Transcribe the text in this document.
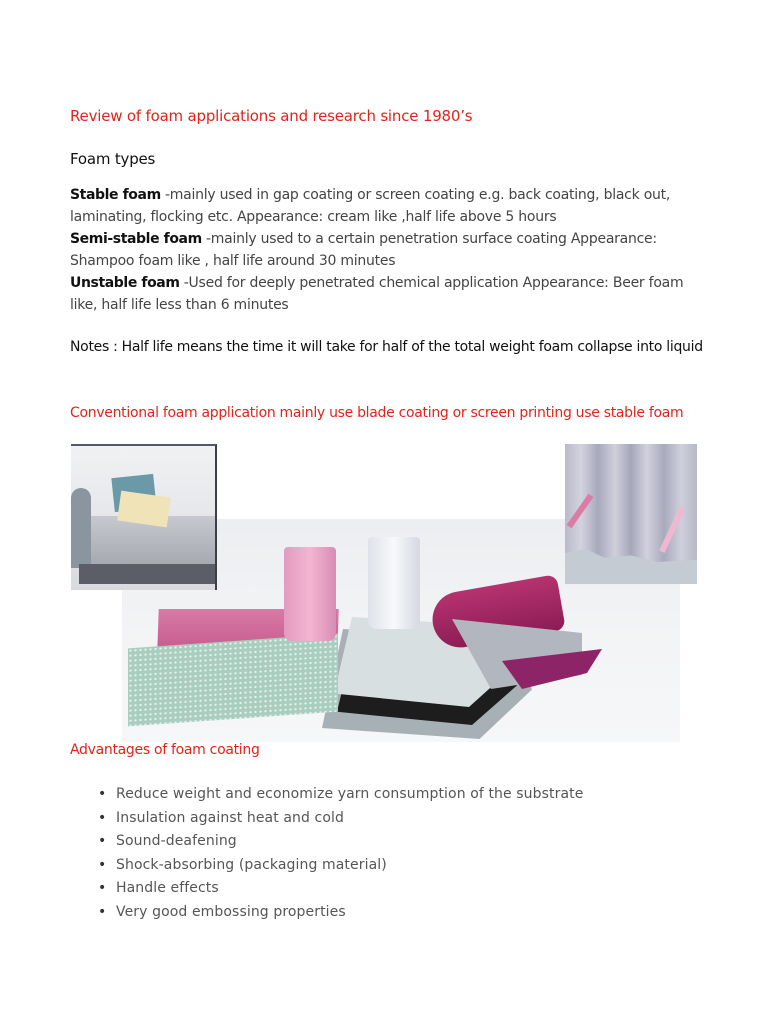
Review of foam applications and research since 1980’s
Foam types
Stable foam -mainly used in gap coating or screen coating e.g. back coating, black out,
laminating, flocking etc. Appearance: cream like ,half life above 5 hours
Semi-stable foam -mainly used to a certain penetration surface coating Appearance:
Shampoo foam like , half life around 30 minutes
Unstable foam -Used for deeply penetrated chemical application Appearance: Beer foam
like, half life less than 6 minutes
Notes : Half life means the time it will take for half of the total weight foam collapse into liquid
Conventional foam application mainly use blade coating or screen printing use stable foam
Advantages of foam coating
• Reduce weight and economize yarn consumption of the substrate
• Insulation against heat and cold
• Sound-deafening
• Shock-absorbing (packaging material)
• Handle effects
• Very good embossing properties
